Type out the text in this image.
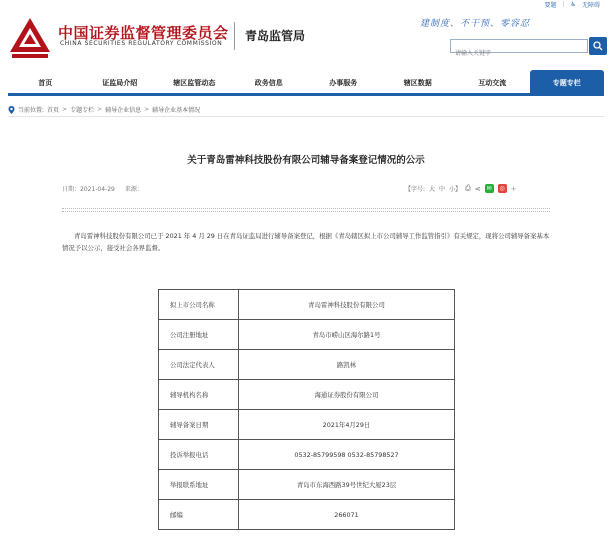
要题 | ♿ 无障碍
中国证券监督管理委员会
CHINA SECURITIES REGULATORY COMMISSION
青岛监管局
建制度、不干预、零容忍
请输入关键字
首页	证监局介绍	辖区监管动态	政务信息	办事服务	辖区数据	互动交流	专题专栏
当前位置: 首页 > 专题专栏 > 辅导企业信息 > 辅导企业基本情况
关于青岛雷神科技股份有限公司辅导备案登记情况的公示
日期：2021-04-29 来源：	【字号: 大 中 小】 ⎙ ⋖ ✉	◎ +

青岛雷神科技股份有限公司已于 2021 年 4 月 29 日在青岛证监局进行辅导备案登记，根据《青岛辖区拟上市公司辅导工作监管指引》有关规定，现将公司辅导备案基本情况予以公示，接受社会各界监督。

拟上市公司名称	青岛雷神科技股份有限公司
公司注册地址	青岛市崂山区海尔路1号
公司法定代表人	路凯林
辅导机构名称	海通证券股份有限公司
辅导备案日期	2021年4月29日
投诉举报电话	0532-85799598 0532-85798527
举报联系地址	青岛市东海西路39号世纪大厦23层
邮编	266071
